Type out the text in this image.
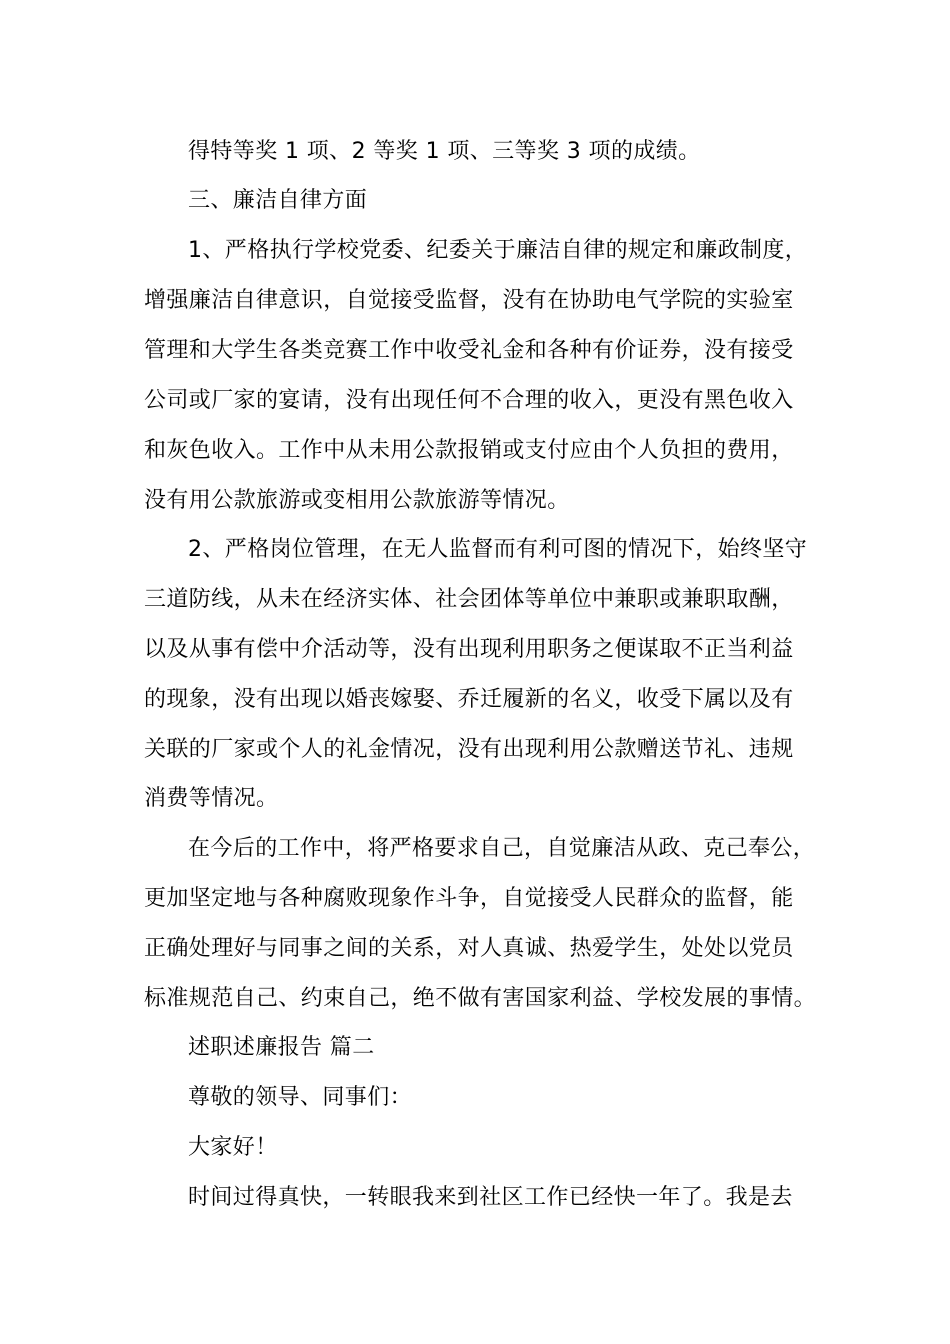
得特等奖 1 项、2 等奖 1 项、三等奖 3 项的成绩。
三、廉洁自律方面
1、严格执行学校党委、纪委关于廉洁自律的规定和廉政制度，
增强廉洁自律意识，自觉接受监督，没有在协助电气学院的实验室
管理和大学生各类竞赛工作中收受礼金和各种有价证券，没有接受
公司或厂家的宴请，没有出现任何不合理的收入，更没有黑色收入
和灰色收入。工作中从未用公款报销或支付应由个人负担的费用，
没有用公款旅游或变相用公款旅游等情况。
2、严格岗位管理，在无人监督而有利可图的情况下，始终坚守
三道防线，从未在经济实体、社会团体等单位中兼职或兼职取酬，
以及从事有偿中介活动等，没有出现利用职务之便谋取不正当利益
的现象，没有出现以婚丧嫁娶、乔迁履新的名义，收受下属以及有
关联的厂家或个人的礼金情况，没有出现利用公款赠送节礼、违规
消费等情况。
在今后的工作中，将严格要求自己，自觉廉洁从政、克己奉公，
更加坚定地与各种腐败现象作斗争，自觉接受人民群众的监督，能
正确处理好与同事之间的关系，对人真诚、热爱学生，处处以党员
标准规范自己、约束自己，绝不做有害国家利益、学校发展的事情。
述职述廉报告 篇二
尊敬的领导、同事们：
大家好！
时间过得真快，一转眼我来到社区工作已经快一年了。我是去
